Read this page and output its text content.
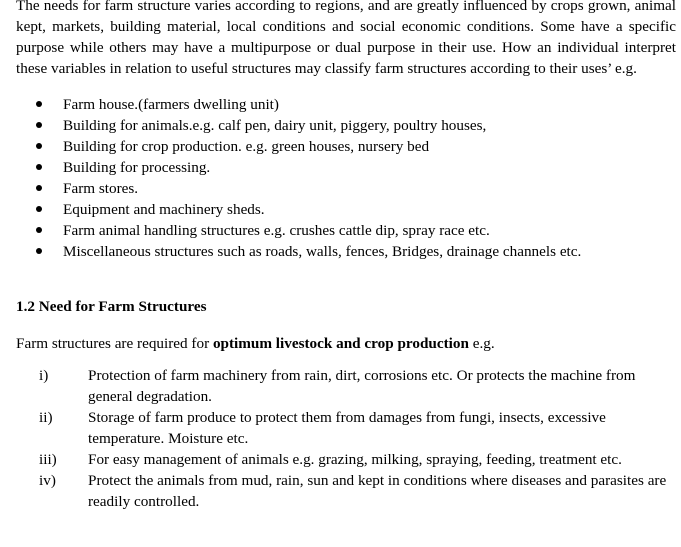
The needs for farm structure varies according to regions, and are greatly influenced by crops grown, animal kept, markets, building material, local conditions and social economic conditions. Some have a specific purpose while others may have a multipurpose or dual purpose in their use. How an individual interpret these variables in relation to useful structures may classify farm structures according to their uses’ e.g.

Farm house.(farmers dwelling unit)
Building for animals.e.g. calf pen, dairy unit, piggery, poultry houses,
Building for crop production. e.g. green houses, nursery bed
Building for processing.
Farm stores.
Equipment and machinery sheds.
Farm animal handling structures e.g. crushes cattle dip, spray race etc.
Miscellaneous structures such as roads, walls, fences, Bridges, drainage channels etc.
1.2 Need for Farm Structures

Farm structures are required for optimum livestock and crop production e.g.

i)	Protection of farm machinery from rain, dirt, corrosions etc. Or protects the machine from general degradation.
ii) Storage of farm produce to protect them from damages from fungi, insects, excessive temperature. Moisture etc.
iii) For easy management of animals e.g. grazing, milking, spraying, feeding, treatment etc.
iv) Protect the animals from mud, rain, sun and kept in conditions where diseases and parasites are readily controlled.
